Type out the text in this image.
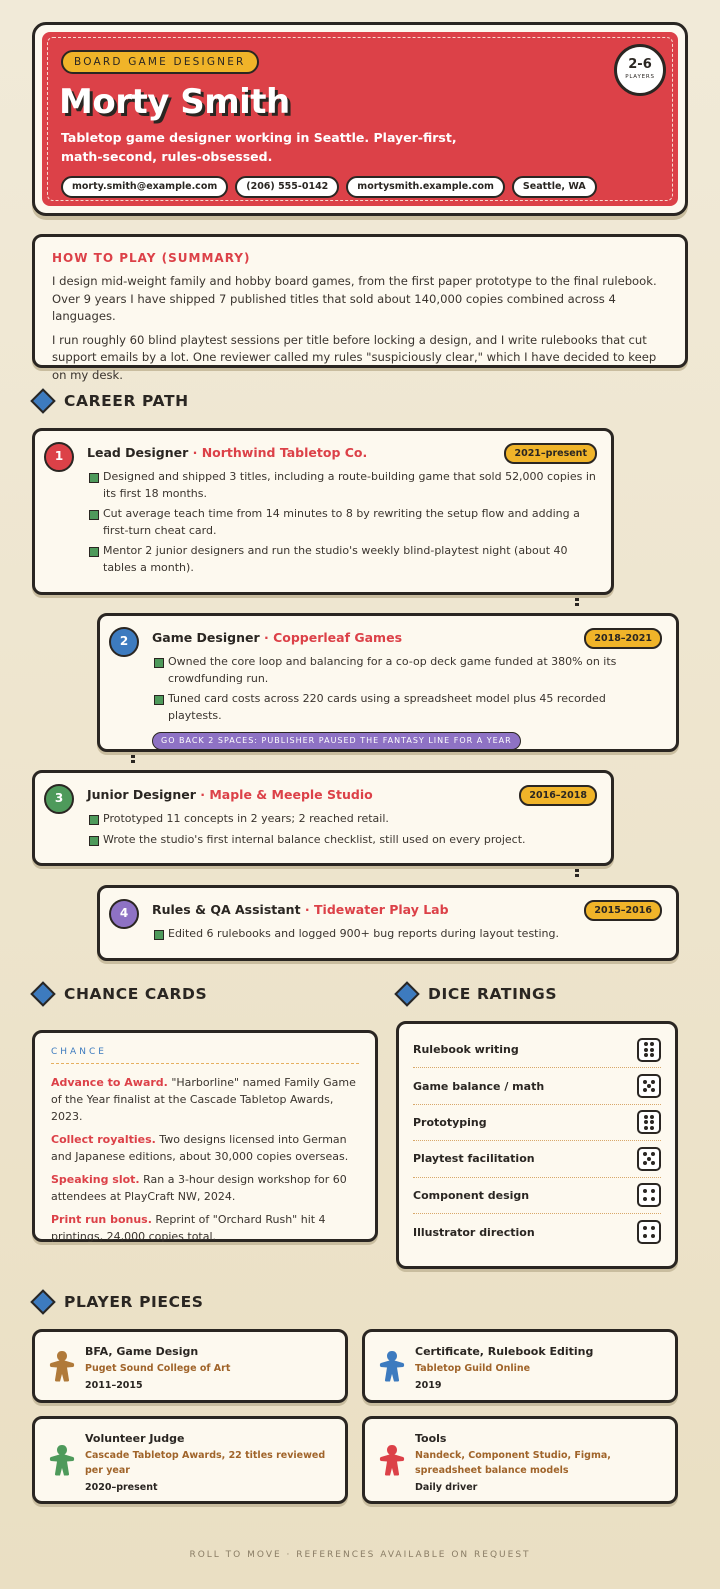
BOARD GAME DESIGNER
Morty Smith
Tabletop game designer working in Seattle. Player-first, math-second, rules-obsessed.
morty.smith@example.com	(206) 555-0142	mortysmith.example.com	Seattle, WA
2-6
PLAYERS
HOW TO PLAY (SUMMARY)

I design mid-weight family and hobby board games, from the first paper prototype to the final rulebook. Over 9 years I have shipped 7 published titles that sold about 140,000 copies combined across 4 languages.

I run roughly 60 blind playtest sessions per title before locking a design, and I write rulebooks that cut support emails by a lot. One reviewer called my rules "suspiciously clear," which I have decided to keep on my desk.

CAREER PATH
1	Lead Designer · Northwind Tabletop Co.	2021–present
Designed and shipped 3 titles, including a route-building game that sold 52,000 copies in its first 18 months.
Cut average teach time from 14 minutes to 8 by rewriting the setup flow and adding a first-turn cheat card.
Mentor 2 junior designers and run the studio's weekly blind-playtest night (about 40 tables a month).
2	Game Designer · Copperleaf Games	2018–2021
Owned the core loop and balancing for a co-op deck game funded at 380% on its crowdfunding run.
Tuned card costs across 220 cards using a spreadsheet model plus 45 recorded playtests.
GO BACK 2 SPACES: PUBLISHER PAUSED THE FANTASY LINE FOR A YEAR
3	Junior Designer · Maple & Meeple Studio	2016–2018
Prototyped 11 concepts in 2 years; 2 reached retail.
Wrote the studio's first internal balance checklist, still used on every project.
4	Rules & QA Assistant · Tidewater Play Lab	2015–2016
Edited 6 rulebooks and logged 900+ bug reports during layout testing.
CHANCE CARDS	DICE RATINGS
CHANCE
Advance to Award. "Harborline" named Family Game of the Year finalist at the Cascade Tabletop Awards, 2023.
Collect royalties. Two designs licensed into German and Japanese editions, about 30,000 copies overseas.
Speaking slot. Ran a 3-hour design workshop for 60 attendees at PlayCraft NW, 2024.
Print run bonus. Reprint of "Orchard Rush" hit 4 printings, 24,000 copies total.
Rulebook writing
Game balance / math
Prototyping
Playtest facilitation
Component design
Illustrator direction
PLAYER PIECES
BFA, Game Design
Puget Sound College of Art
2011–2015
Certificate, Rulebook Editing
Tabletop Guild Online
2019
Volunteer Judge
Cascade Tabletop Awards, 22 titles reviewed per year
2020–present
Tools
Nandeck, Component Studio, Figma, spreadsheet balance models
Daily driver
ROLL TO MOVE · REFERENCES AVAILABLE ON REQUEST
